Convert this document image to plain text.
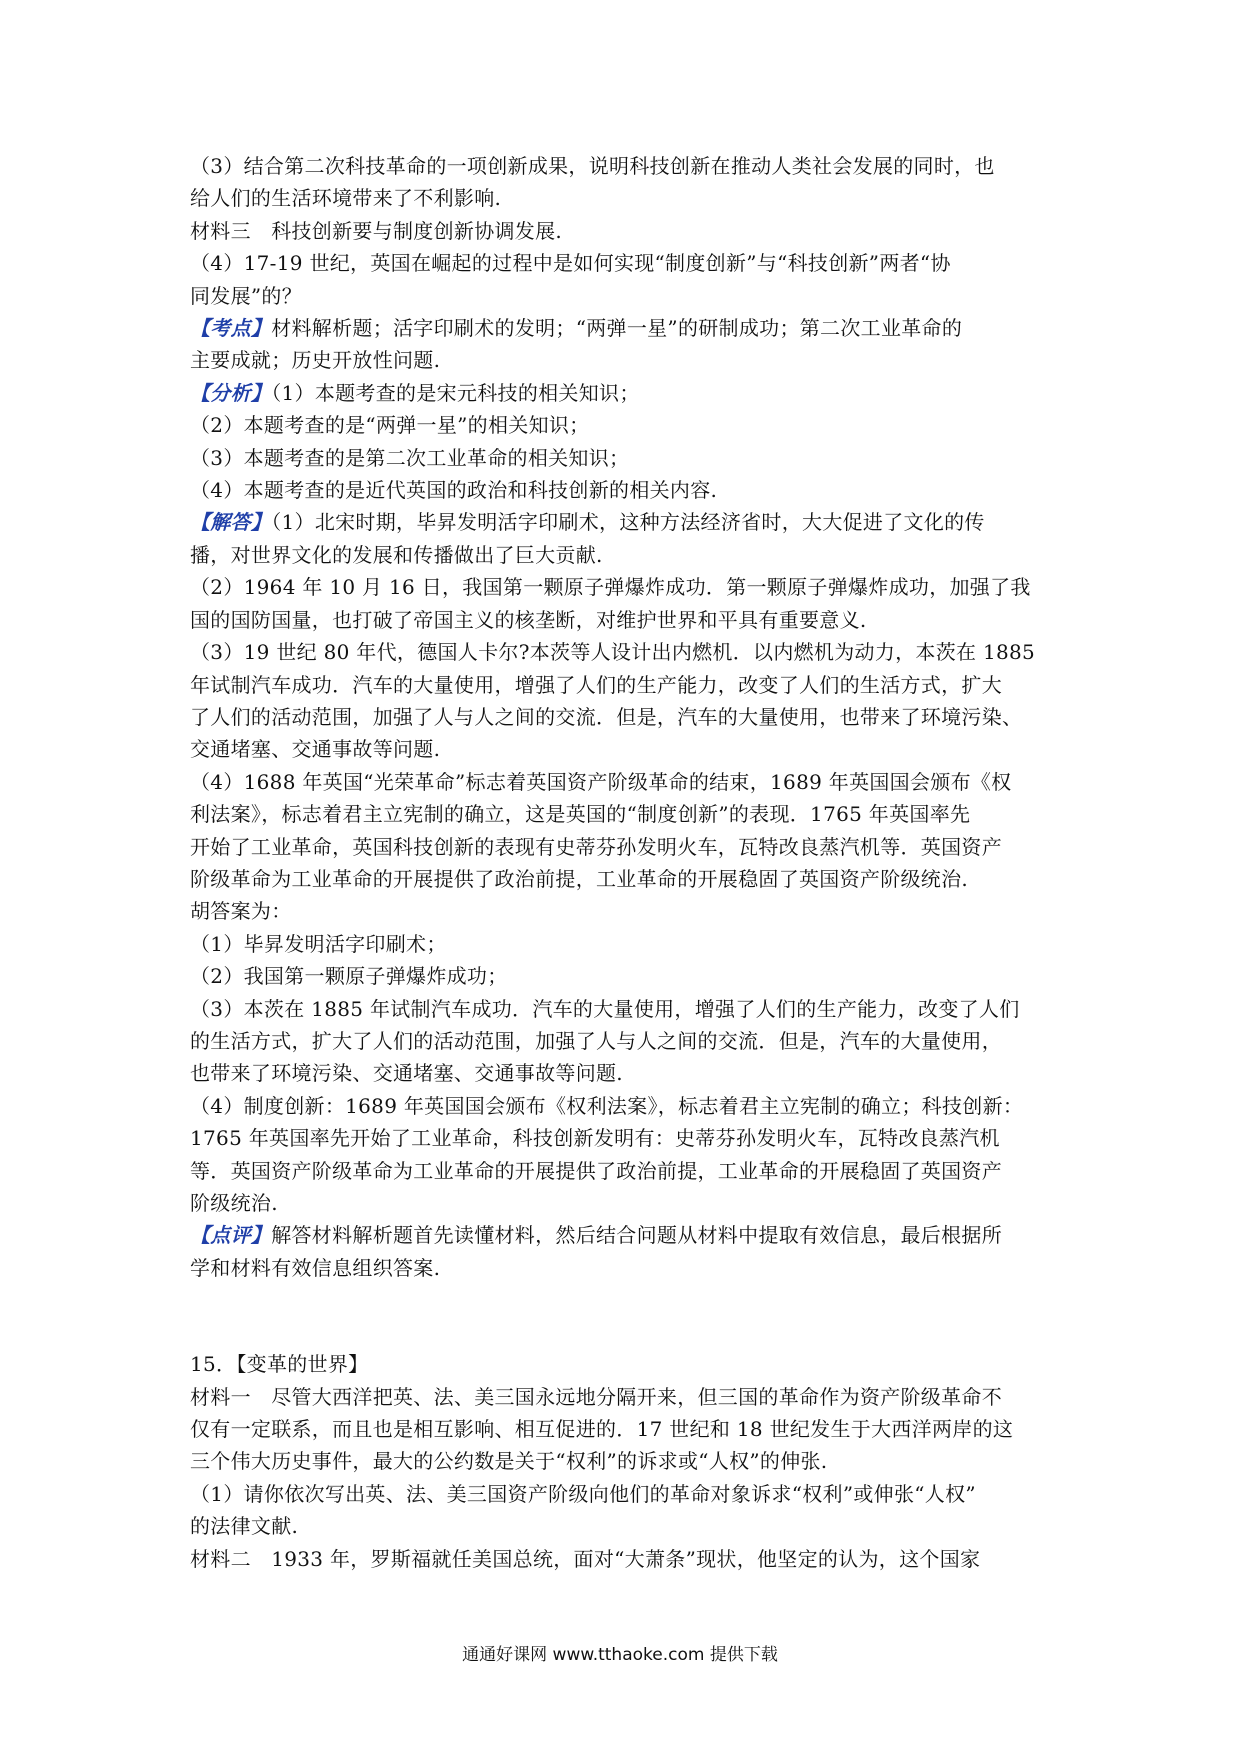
（3）结合第二次科技革命的一项创新成果，说明科技创新在推动人类社会发展的同时，也
给人们的生活环境带来了不利影响.
材料三　科技创新要与制度创新协调发展.
（4）17-19 世纪，英国在崛起的过程中是如何实现“制度创新”与“科技创新”两者“协
同发展”的？
【考点】材料解析题；活字印刷术的发明；“两弹一星”的研制成功；第二次工业革命的
主要成就；历史开放性问题.
【分析】（1）本题考查的是宋元科技的相关知识；
（2）本题考查的是“两弹一星”的相关知识；
（3）本题考查的是第二次工业革命的相关知识；
（4）本题考查的是近代英国的政治和科技创新的相关内容.
【解答】（1）北宋时期，毕昇发明活字印刷术，这种方法经济省时，大大促进了文化的传
播，对世界文化的发展和传播做出了巨大贡献.
（2）1964 年 10 月 16 日，我国第一颗原子弹爆炸成功．第一颗原子弹爆炸成功，加强了我
国的国防国量，也打破了帝国主义的核垄断，对维护世界和平具有重要意义.
（3）19 世纪 80 年代，德国人卡尔?本茨等人设计出内燃机．以内燃机为动力，本茨在 1885
年试制汽车成功．汽车的大量使用，增强了人们的生产能力，改变了人们的生活方式，扩大
了人们的活动范围，加强了人与人之间的交流．但是，汽车的大量使用，也带来了环境污染、
交通堵塞、交通事故等问题.
（4）1688 年英国“光荣革命”标志着英国资产阶级革命的结束，1689 年英国国会颁布《权
利法案》，标志着君主立宪制的确立，这是英国的“制度创新”的表现．1765 年英国率先
开始了工业革命，英国科技创新的表现有史蒂芬孙发明火车，瓦特改良蒸汽机等．英国资产
阶级革命为工业革命的开展提供了政治前提，工业革命的开展稳固了英国资产阶级统治.
胡答案为：
（1）毕昇发明活字印刷术；
（2）我国第一颗原子弹爆炸成功；
（3）本茨在 1885 年试制汽车成功．汽车的大量使用，增强了人们的生产能力，改变了人们
的生活方式，扩大了人们的活动范围，加强了人与人之间的交流．但是，汽车的大量使用，
也带来了环境污染、交通堵塞、交通事故等问题.
（4）制度创新：1689 年英国国会颁布《权利法案》，标志着君主立宪制的确立；科技创新：
1765 年英国率先开始了工业革命，科技创新发明有：史蒂芬孙发明火车，瓦特改良蒸汽机
等．英国资产阶级革命为工业革命的开展提供了政治前提，工业革命的开展稳固了英国资产
阶级统治.
【点评】解答材料解析题首先读懂材料，然后结合问题从材料中提取有效信息，最后根据所
学和材料有效信息组织答案.
15．【变革的世界】
材料一　尽管大西洋把英、法、美三国永远地分隔开来，但三国的革命作为资产阶级革命不
仅有一定联系，而且也是相互影响、相互促进的．17 世纪和 18 世纪发生于大西洋两岸的这
三个伟大历史事件，最大的公约数是关于“权利”的诉求或“人权”的伸张.
（1）请你依次写出英、法、美三国资产阶级向他们的革命对象诉求“权利”或伸张“人权”
的法律文献.
材料二　1933 年，罗斯福就任美国总统，面对“大萧条”现状，他坚定的认为，这个国家
通通好课网 www.tthaoke.com 提供下载
